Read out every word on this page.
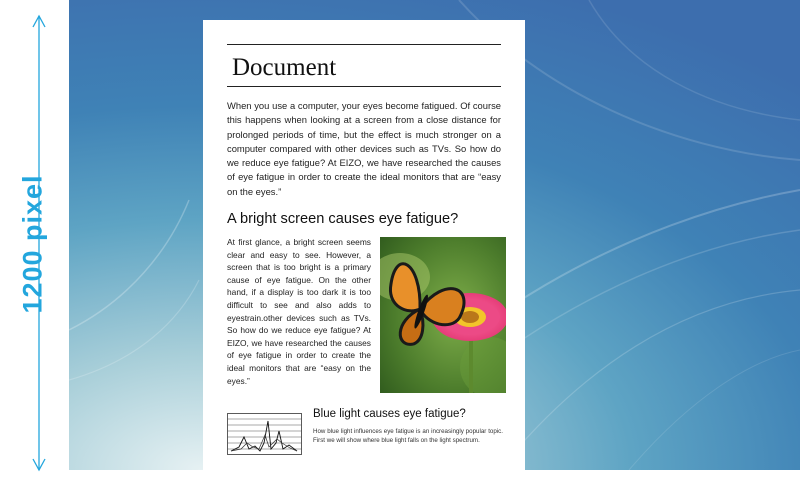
1200 pixel
Document

When you use a computer, your eyes become fatigued. Of course this happens when looking at a screen from a close distance for prolonged periods of time, but the effect is much stronger on a computer compared with other devices such as TVs. So how do we reduce eye fatigue? At EIZO, we have researched the causes of eye fatigue in order to create the ideal monitors that are “easy on the eyes.”

A bright screen causes eye fatigue?

At first glance, a bright screen seems clear and easy to see. However, a screen that is too bright is a primary cause of eye fatigue. On the other hand, if a display is too dark it is too difficult to see and also adds to eyestrain.other devices such as TVs. So how do we reduce eye fatigue? At EIZO, we have researched the causes of eye fatigue in order to create the ideal monitors that are “easy on the eyes.”

Blue light causes eye fatigue?

How blue light influences eye fatigue is an increasingly popular topic. First we will show where blue light falls on the light spectrum.
